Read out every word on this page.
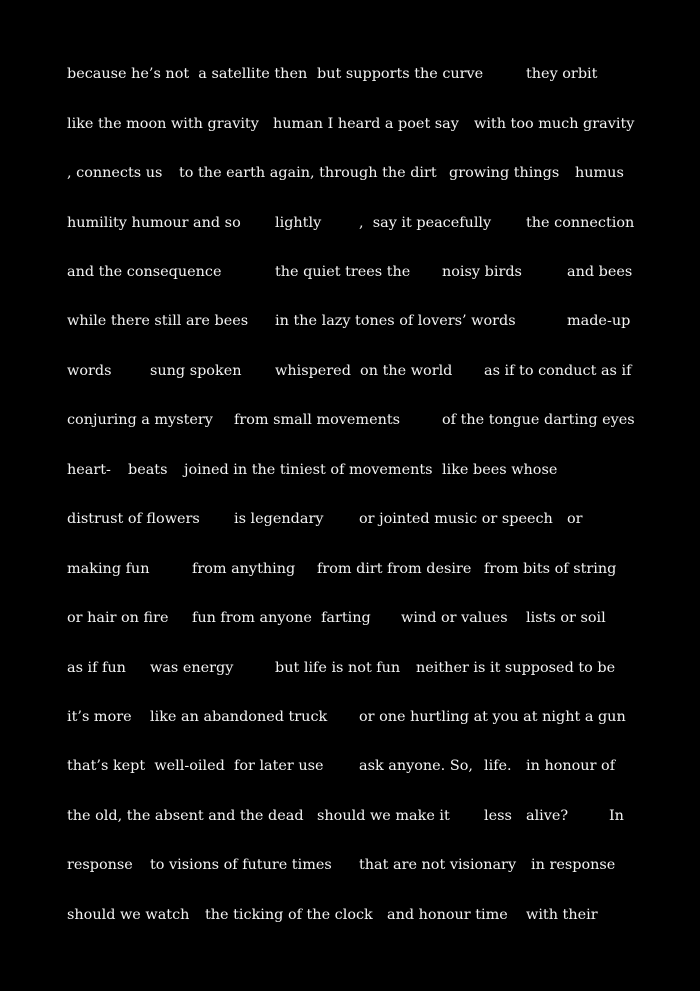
because he’s not  a satellite then but supports the curve	they orbit
like the moon with gravity human I heard a poet say with too much gravity
, connects us to the earth again, through the dirt growing things humus
humility humour and so lightly	,  say it peacefully the connection
and the consequence	the quiet trees the noisy birds	and bees
while there still are bees in the lazy tones of lovers’ words	made-up
words	sung spoken whispered  on the world as if to conduct as if
conjuring a mystery from small movements	of the tongue darting eyes
heart- beats joined in the tiniest of movements like bees whose
distrust of flowers is legendary or jointed music or speech or
making fun	from anything from dirt from desire from bits of string
or hair on fire fun from anyone  farting wind or values lists or soil
as if fun was energy	but life is not fun neither is it supposed to be
it’s more like an abandoned truck or one hurtling at you at night a gun
that’s kept  well-oiled for later use ask anyone. So, life. in honour of
the old, the absent and the dead should we make it less alive?	In
response to visions of future times that are not visionary in response
should we watch the ticking of the clock and honour time with their
